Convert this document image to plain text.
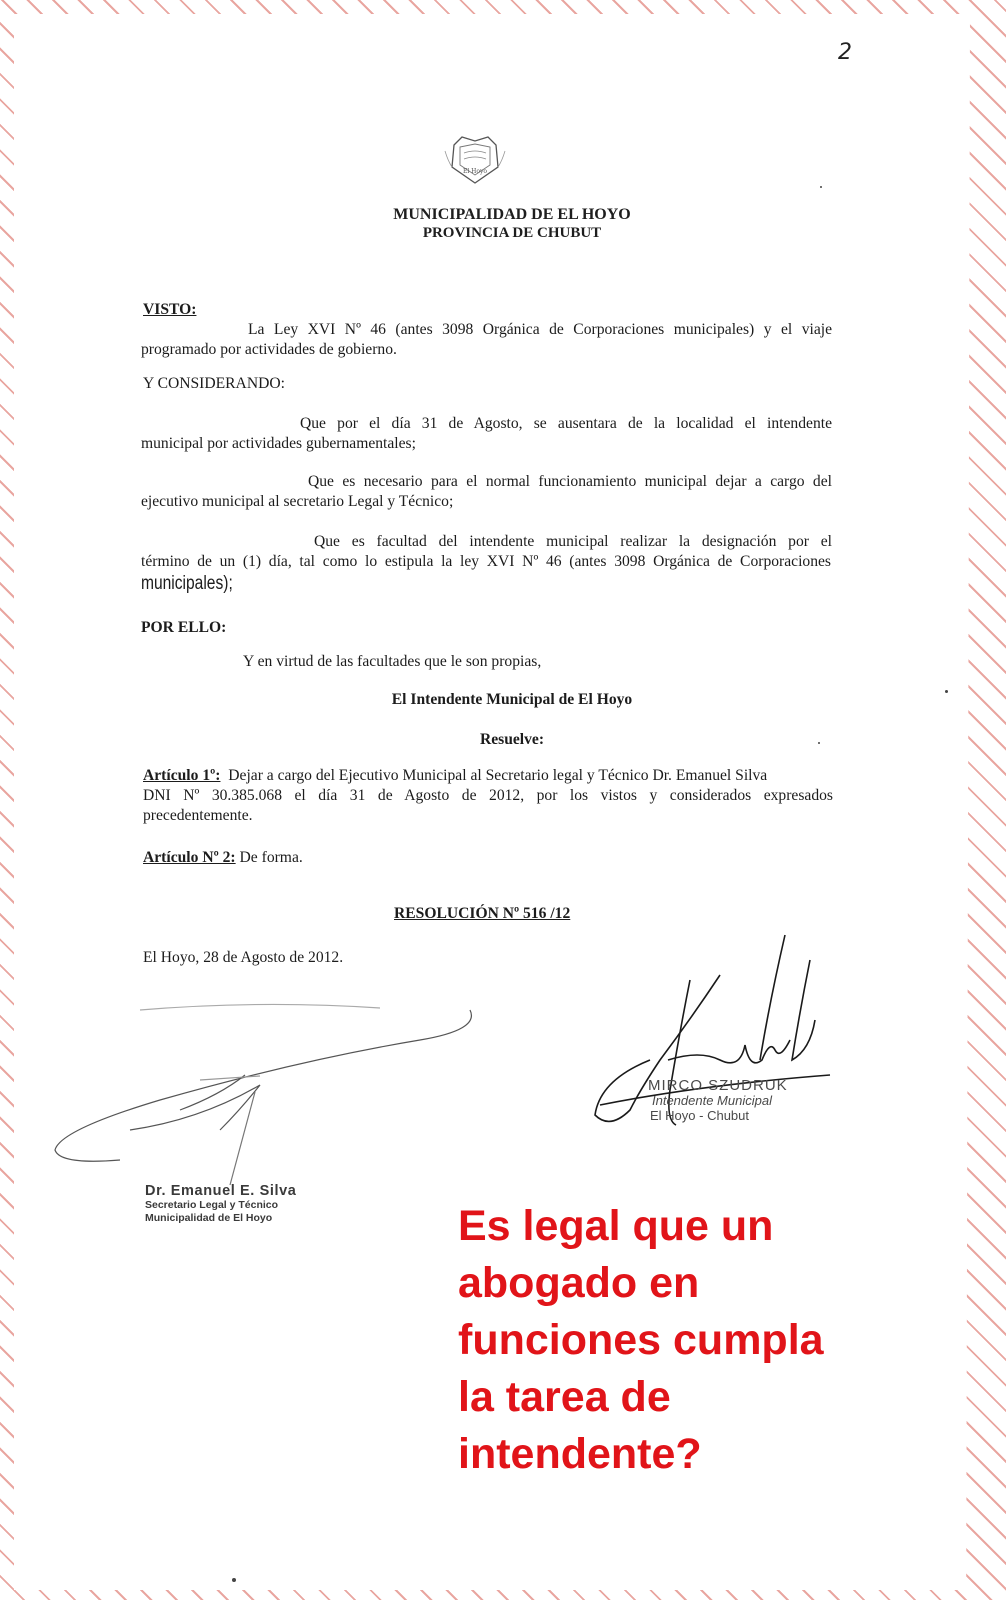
2
El Hoyo
MUNICIPALIDAD DE EL HOYO
PROVINCIA DE CHUBUT
VISTO:
La Ley XVI Nº 46 (antes 3098 Orgánica de Corporaciones municipales) y el viaje
programado por actividades de gobierno.
Y CONSIDERANDO:
Que por el día 31 de Agosto, se ausentara de la localidad el intendente
municipal por actividades gubernamentales;
Que es necesario para el normal funcionamiento municipal dejar a cargo del
ejecutivo municipal al secretario Legal y Técnico;
Que es facultad del intendente municipal realizar la designación por el
término de un (1) día, tal como lo estipula la ley XVI Nº 46 (antes 3098 Orgánica de Corporaciones
municipales);
POR ELLO:
Y en virtud de las facultades que le son propias,
El Intendente Municipal de El Hoyo
Resuelve:
Artículo 1º: Dejar a cargo del Ejecutivo Municipal al Secretario legal y Técnico Dr. Emanuel Silva
DNI Nº 30.385.068 el día 31 de Agosto de 2012, por los vistos y considerados expresados
precedentemente.
Artículo Nº 2: De forma.
RESOLUCIÓN Nº 516 /12
El Hoyo, 28 de Agosto de 2012.
Dr. Emanuel E. Silva
Secretario Legal y Técnico
Municipalidad de El Hoyo
MIRCO SZUDRUK
Intendente Municipal
El Hoyo - Chubut
Es legal que un
abogado en
funciones cumpla
la tarea de
intendente?
